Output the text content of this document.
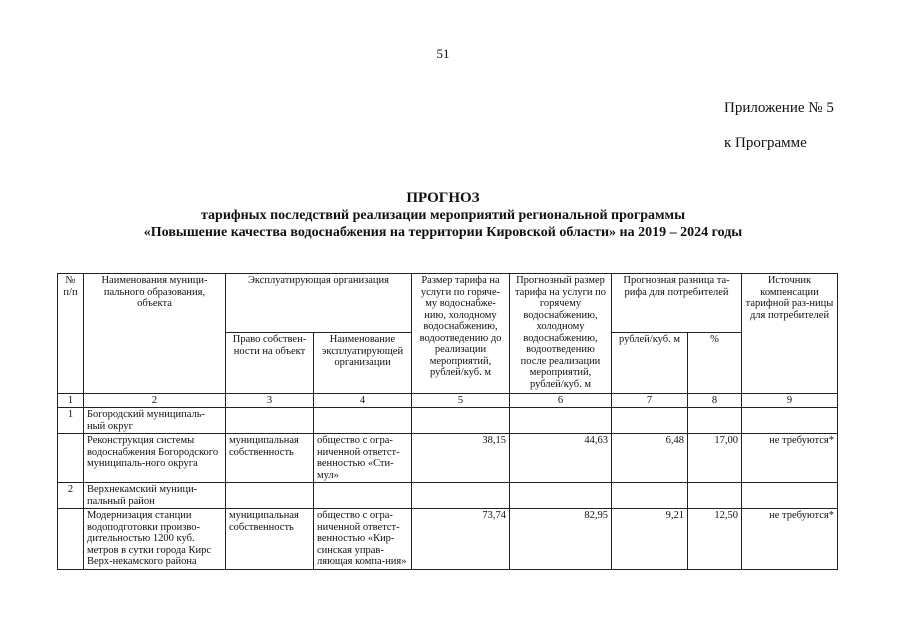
51
Приложение № 5
к Программе
ПРОГНОЗ
тарифных последствий реализации мероприятий региональной программы
«Повышение качества водоснабжения на территории Кировской области» на 2019 – 2024 годы
№ п/п	Наименования муници-пального образования, объекта	Эксплуатирующая организация		Размер тарифа на услуги по горяче-му водоснабже-нию, холодному водоснабжению, водоотведению до реализации мероприятий, рублей/куб. м	Прогнозный размер тарифа на услуги по горячему водоснабжению, холодному водоснабжению, водоотведению после реализации мероприятий, рублей/куб. м	Прогнозная разница та-рифа для потребителей		Источник компенсации тарифной раз-ницы для потребителей
		Право собствен-ности на объект	Наименование эксплуатирующей организации			рублей/куб. м	%	
1	2	3	4	5	6	7	8	9
1	Богородский муниципаль-ный округ							
	Реконструкция системы водоснабжения Богородского муниципаль-ного округа	муниципальная собственность	общество с огра-ниченной ответст-венностью «Сти-мул»	38,15	44,63	6,48	17,00	не требуются*
2	Верхнекамский муници-пальный район							
	Модернизация станции водоподготовки произво-дительностью 1200 куб. метров в сутки города Кирс Верх-некамского района	муниципальная собственность	общество с огра-ниченной ответст-венностью «Кир-синская управ-ляющая компа-ния»	73,74	82,95	9,21	12,50	не требуются*
